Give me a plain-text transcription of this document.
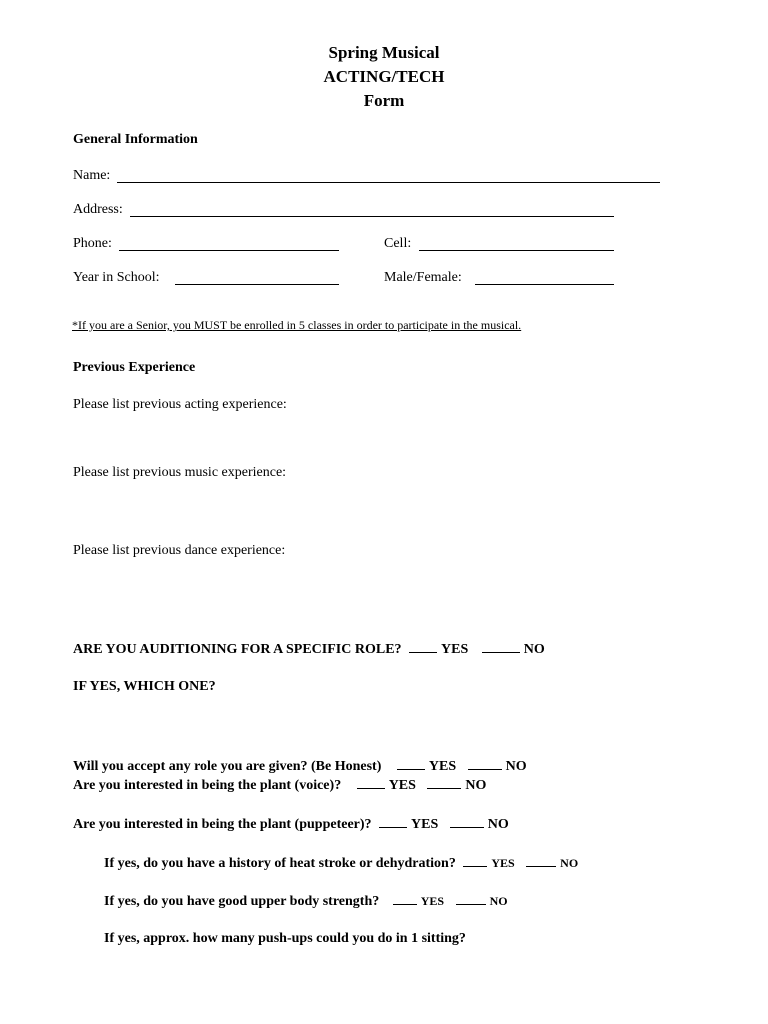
Spring Musical
ACTING/TECH
Form
General Information
Name:
Address:
Phone:	Cell:
Year in School:	Male/Female:
*If you are a Senior, you MUST be enrolled in 5 classes in order to participate in the musical.
Previous Experience
Please list previous acting experience:
Please list previous music experience:
Please list previous dance experience:
ARE YOU AUDITIONING FOR A SPECIFIC ROLE?	YES	NO
IF YES, WHICH ONE?
Will you accept any role you are given? (Be Honest)	YES	NO
Are you interested in being the plant (voice)?	YES	NO
Are you interested in being the plant (puppeteer)?	YES	NO
If yes, do you have a history of heat stroke or dehydration?	YES	NO
If yes, do you have good upper body strength?	YES	NO
If yes, approx. how many push-ups could you do in 1 sitting?
